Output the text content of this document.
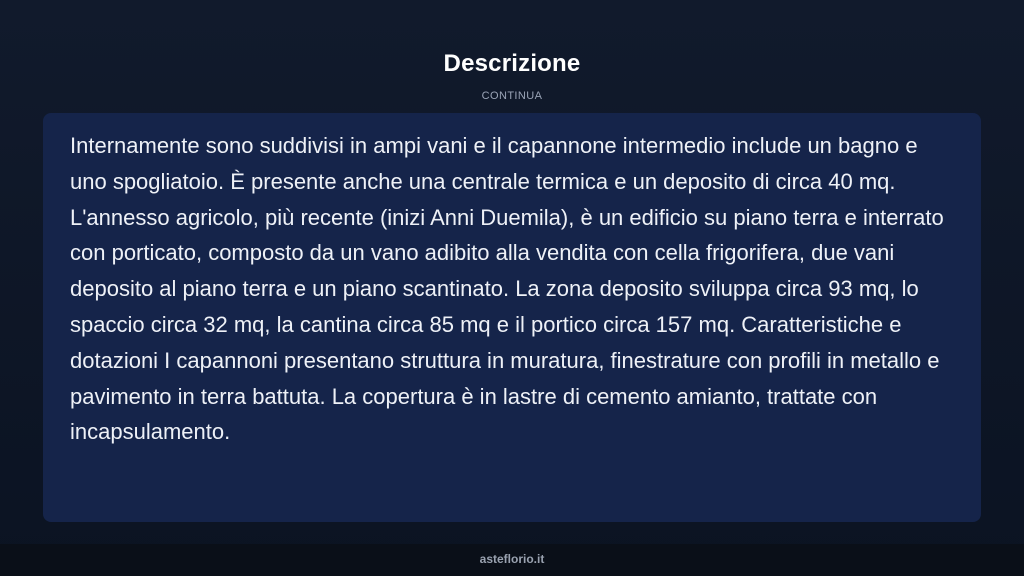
Descrizione
CONTINUA

Internamente sono suddivisi in ampi vani e il capannone intermedio include un bagno e uno spogliatoio. È presente anche una centrale termica e un deposito di circa 40 mq. L'annesso agricolo, più recente (inizi Anni Duemila), è un edificio su piano terra e interrato con porticato, composto da un vano adibito alla vendita con cella frigorifera, due vani deposito al piano terra e un piano scantinato. La zona deposito sviluppa circa 93 mq, lo spaccio circa 32 mq, la cantina circa 85 mq e il portico circa 157 mq. Caratteristiche e dotazioni I capannoni presentano struttura in muratura, finestrature con profili in metallo e pavimento in terra battuta. La copertura è in lastre di cemento amianto, trattate con incapsulamento.

asteflorio.it
